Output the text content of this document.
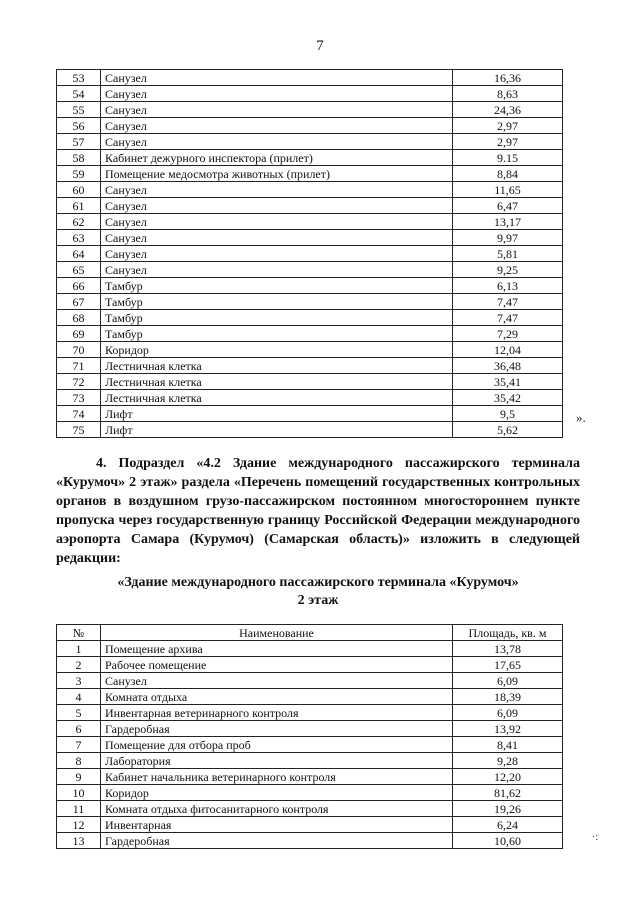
7
53	Санузел	16,36
54	Санузел	8,63
55	Санузел	24,36
56	Санузел	2,97
57	Санузел	2,97
58	Кабинет дежурного инспектора (прилет)	9.15
59	Помещение медосмотра животных (прилет)	8,84
60	Санузел	11,65
61	Санузел	6,47
62	Санузел	13,17
63	Санузел	9,97
64	Санузел	5,81
65	Санузел	9,25
66	Тамбур	6,13
67	Тамбур	7,47
68	Тамбур	7,47
69	Тамбур	7,29
70	Коридор	12,04
71	Лестничная клетка	36,48
72	Лестничная клетка	35,41
73	Лестничная клетка	35,42
74	Лифт	9,5
75	Лифт	5,62
».

4. Подраздел «4.2 Здание международного пассажирского терминала «Курумоч» 2 этаж» раздела «Перечень помещений государственных контрольных органов в воздушном грузо-пассажирском постоянном многостороннем пункте пропуска через государственную границу Российской Федерации международного аэропорта Самара (Курумоч) (Самарская область)» изложить в следующей редакции:

«Здание международного пассажирского терминала «Курумоч»
2 этаж
№	Наименование	Площадь, кв. м
1	Помещение архива	13,78
2	Рабочее помещение	17,65
3	Санузел	6,09
4	Комната отдыха	18,39
5	Инвентарная ветеринарного контроля	6,09
6	Гардеробная	13,92
7	Помещение для отбора проб	8,41
8	Лаборатория	9,28
9	Кабинет начальника ветеринарного контроля	12,20
10	Коридор	81,62
11	Комната отдыха фитосанитарного контроля	19,26
12	Инвентарная	6,24
13	Гардеробная	10,60	·:
